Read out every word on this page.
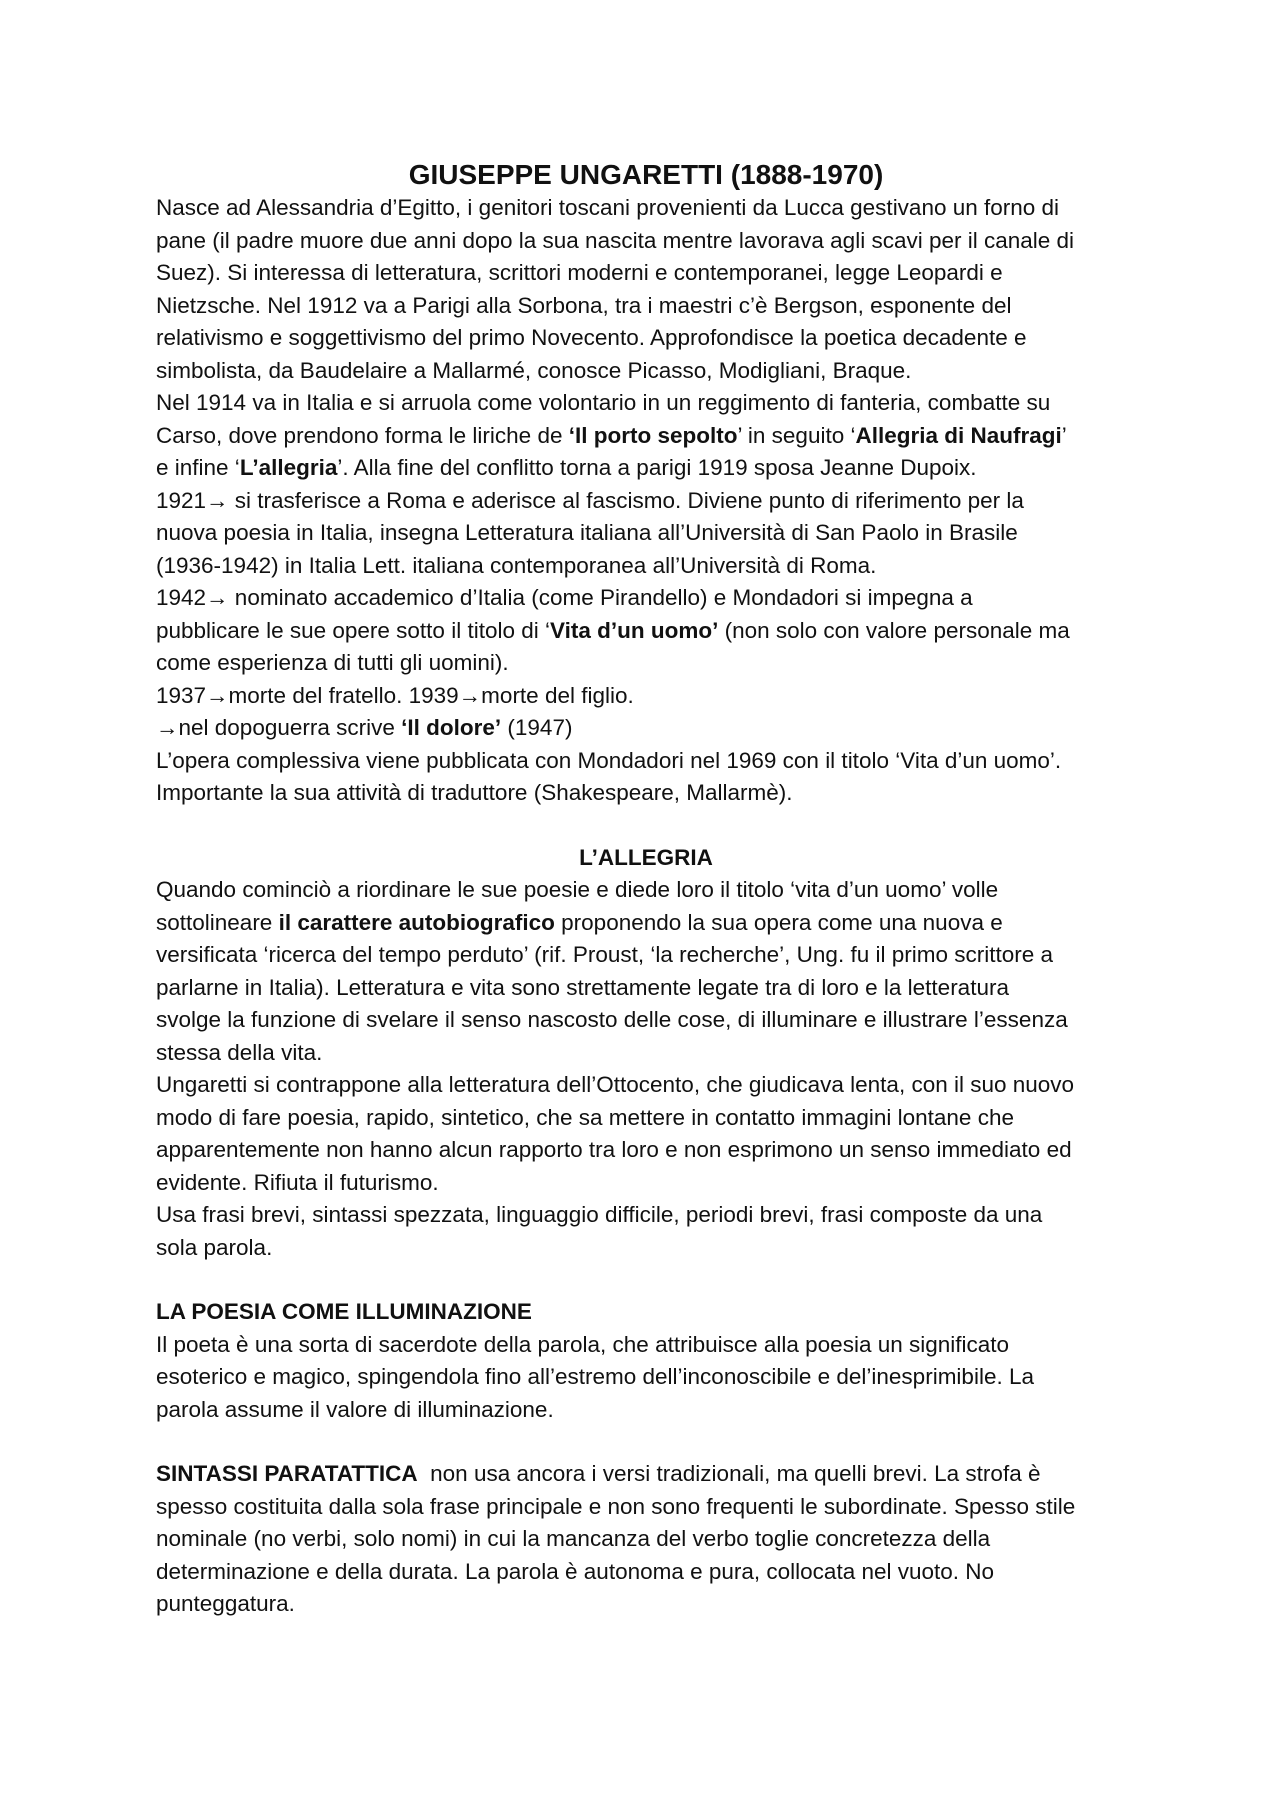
GIUSEPPE UNGARETTI (1888-1970)

Nasce ad Alessandria d’Egitto, i genitori toscani provenienti da Lucca gestivano un forno di

pane (il padre muore due anni dopo la sua nascita mentre lavorava agli scavi per il canale di

Suez). Si interessa di letteratura, scrittori moderni e contemporanei, legge Leopardi e

Nietzsche. Nel 1912 va a Parigi alla Sorbona, tra i maestri c’è Bergson, esponente del

relativismo e soggettivismo del primo Novecento. Approfondisce la poetica decadente e

simbolista, da Baudelaire a Mallarmé, conosce Picasso, Modigliani, Braque.

Nel 1914 va in Italia e si arruola come volontario in un reggimento di fanteria, combatte su

Carso, dove prendono forma le liriche de ‘Il porto sepolto’ in seguito ‘Allegria di Naufragi’

e infine ‘L’allegria’. Alla fine del conflitto torna a parigi 1919 sposa Jeanne Dupoix.

1921→ si trasferisce a Roma e aderisce al fascismo. Diviene punto di riferimento per la

nuova poesia in Italia, insegna Letteratura italiana all’Università di San Paolo in Brasile

(1936-1942) in Italia Lett. italiana contemporanea all’Università di Roma.

1942→ nominato accademico d’Italia (come Pirandello) e Mondadori si impegna a

pubblicare le sue opere sotto il titolo di ‘Vita d’un uomo’ (non solo con valore personale ma

come esperienza di tutti gli uomini).

1937→morte del fratello. 1939→morte del figlio.

→nel dopoguerra scrive ‘Il dolore’ (1947)

L’opera complessiva viene pubblicata con Mondadori nel 1969 con il titolo ‘Vita d’un uomo’.

Importante la sua attività di traduttore (Shakespeare, Mallarmè).

L’ALLEGRIA

Quando cominciò a riordinare le sue poesie e diede loro il titolo ‘vita d’un uomo’ volle

sottolineare il carattere autobiografico proponendo la sua opera come una nuova e

versificata ‘ricerca del tempo perduto’ (rif. Proust, ‘la recherche’, Ung. fu il primo scrittore a

parlarne in Italia). Letteratura e vita sono strettamente legate tra di loro e la letteratura

svolge la funzione di svelare il senso nascosto delle cose, di illuminare e illustrare l’essenza

stessa della vita.

Ungaretti si contrappone alla letteratura dell’Ottocento, che giudicava lenta, con il suo nuovo

modo di fare poesia, rapido, sintetico, che sa mettere in contatto immagini lontane che

apparentemente non hanno alcun rapporto tra loro e non esprimono un senso immediato ed

evidente. Rifiuta il futurismo.

Usa frasi brevi, sintassi spezzata, linguaggio difficile, periodi brevi, frasi composte da una

sola parola.

LA POESIA COME ILLUMINAZIONE

Il poeta è una sorta di sacerdote della parola, che attribuisce alla poesia un significato

esoterico e magico, spingendola fino all’estremo dell’inconoscibile e del’inesprimibile. La

parola assume il valore di illuminazione.

SINTASSI PARATATTICA  non usa ancora i versi tradizionali, ma quelli brevi. La strofa è

spesso costituita dalla sola frase principale e non sono frequenti le subordinate. Spesso stile

nominale (no verbi, solo nomi) in cui la mancanza del verbo toglie concretezza della

determinazione e della durata. La parola è autonoma e pura, collocata nel vuoto. No

punteggatura.
